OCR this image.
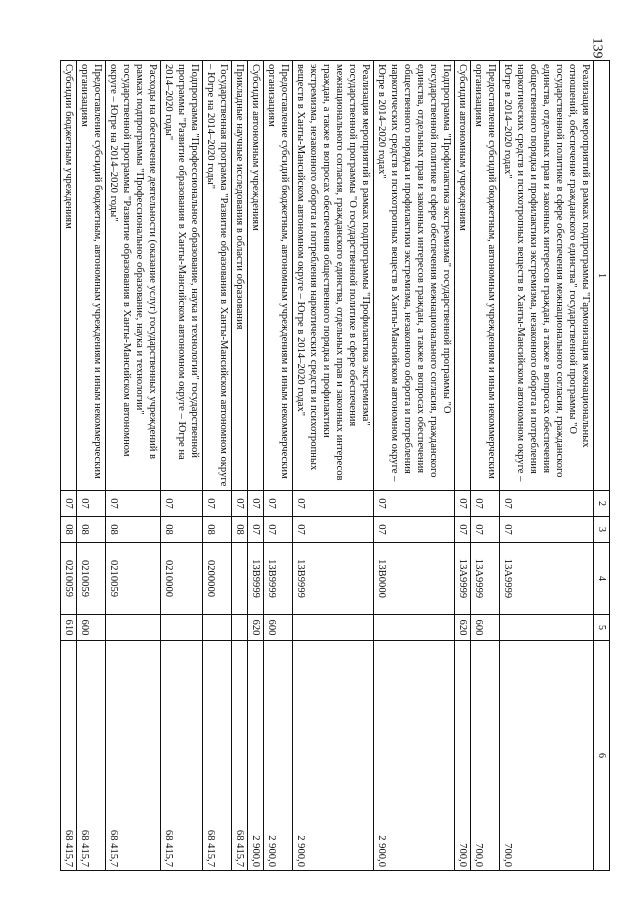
139
1	2	3	4	5	6
Реализация мероприятий в рамках подпрограммы "Гармонизация межнациональных отношений, обеспечение гражданского единства" государственной программы "О государственной политике в сфере обеспечения межнационального согласия, гражданского единства, отдельных прав и законных интересов граждан, а также в вопросах обеспечения общественного порядка и профилактики экстремизма, незаконного оборота и потребления наркотических средств и психотропных веществ в Ханты-Мансийском автономном округе – Югре в 2014–2020 годах"	07	07	13А9999		700,0
Предоставление субсидий бюджетным, автономным учреждениям и иным некоммерческим организациям	07	07	13А9999	600	700,0
Субсидии автономным учреждениям	07	07	13А9999	620	700,0
Подпрограмма "Профилактика экстремизма" государственной программы "О государственной политике в сфере обеспечения межнационального согласия, гражданского единства, отдельных прав и законных интересов граждан, а также в вопросах обеспечения общественного порядка и профилактики экстремизма, незаконного оборота и потребления наркотических средств и психотропных веществ в Ханты-Мансийском автономном округе – Югре в 2014–2020 годах"	07	07	13В0000		2 900,0
Реализация мероприятий в рамках подпрограммы "Профилактика экстремизма" государственной программы "О государственной политике в сфере обеспечения межнационального согласия, гражданского единства, отдельных прав и законных интересов граждан, а также в вопросах обеспечения общественного порядка и профилактики экстремизма, незаконного оборота и потребления наркотических средств и психотропных веществ в Ханты-Мансийском автономном округе – Югре в 2014–2020 годах"	07	07	13В9999		2 900,0
Предоставление субсидий бюджетным, автономным учреждениям и иным некоммерческим организациям	07	07	13В9999	600	2 900,0
Субсидии автономным учреждениям	07	07	13В9999	620	2 900,0
Прикладные научные исследования в области образования	07	08			68 415,7
Государственная программа "Развитие образования в Ханты-Мансийском автономном округе – Югре на 2014–2020 годы"	07	08	0200000		68 415,7
Подпрограмма "Профессиональное образование, наука и технологии" государственной программы "Развитие образования в Ханты-Мансийском автономном округе – Югре на 2014–2020 годы"	07	08	0210000		68 415,7
Расходы на обеспечение деятельности (оказание услуг) государственных учреждений в рамках подпрограммы "Профессиональное образование, наука и технологии" государственной программы "Развитие образования в Ханты-Мансийском автономном округе – Югре на 2014–2020 годы"	07	08	0210059		68 415,7
Предоставление субсидий бюджетным, автономным учреждениям и иным некоммерческим организациям	07	08	0210059	600	68 415,7
Субсидии бюджетным учреждениям	07	08	0210059	610	68 415,7
